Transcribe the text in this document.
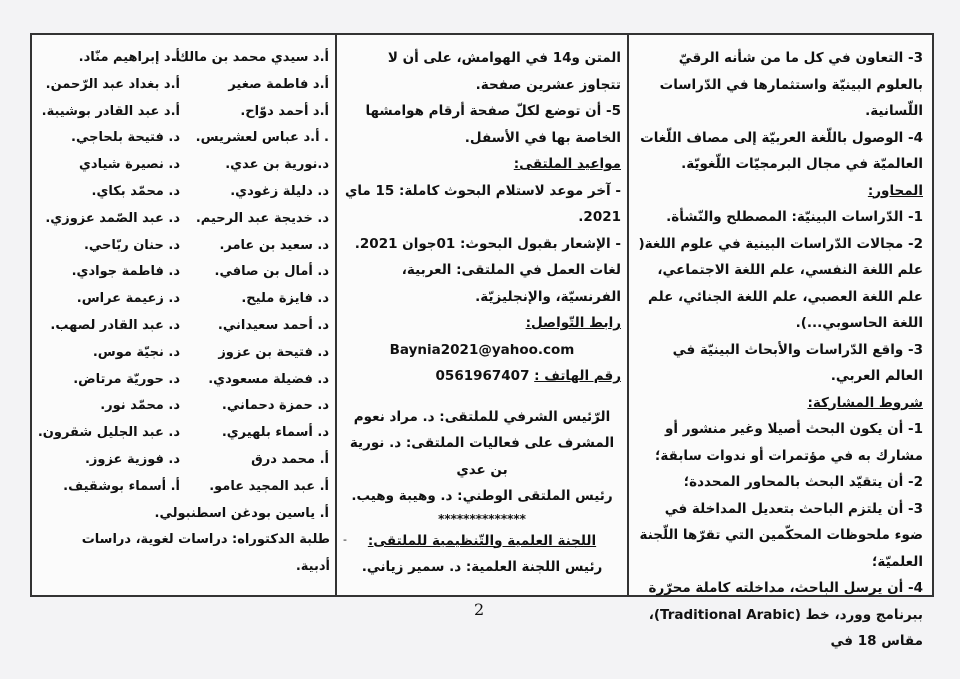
3- التعاون في كل ما من شأنه الرقيّ بالعلوم البينيّة واستثمارها في الدّراسات اللّسانية.

4- الوصول باللّغة العربيّة إلى مصاف اللّغات العالميّة في مجال البرمجيّات اللّغويّة.

المحاور:

1- الدّراسات البينيّة: المصطلح والنّشأة.

2- مجالات الدّراسات البينية في علوم اللغة( علم اللغة النفسي، علم اللغة الاجتماعي، علم اللغة العصبي، علم اللغة الجنائي، علم اللغة الحاسوبي...).

3- واقع الدّراسات والأبحاث البينيّة في العالم العربي.

شروط المشاركة:

1- أن يكون البحث أصيلا وغير منشور أو مشارك به في مؤتمرات أو ندوات سابقة؛

2- أن يتقيّد البحث بالمحاور المحددة؛

3- أن يلتزم الباحث بتعديل المداخلة في ضوء ملحوظات المحكّمين التي تقرّها اللّجنة العلميّة؛

4- أن يرسل الباحث، مداخلته كاملة محرّرة ببرنامج وورد، خط (Traditional Arabic)، مقاس 18 في

المتن و14 في الهوامش، على أن لا تتجاوز عشرين صفحة.

5- أن توضع لكلّ صفحة أرقام هوامشها الخاصة بها في الأسفل.

مواعيد الملتقى:

- آخر موعد لاستلام البحوث كاملة: 15 ماي 2021.

- الإشعار بقبول البحوث: 01جوان 2021.

لغات العمل في الملتقى: العربية، الفرنسيّة، والإنجليزيّة.

رابط التّواصل:

Baynia2021@yahoo.com

رقم الهاتف : 0561967407

الرّئيس الشرفي للملتقى: د. مراد نعوم

المشرف على فعاليات الملتقى: د. نورية بن عدي

رئيس الملتقى الوطني: د. وهيبة وهيب.

**************

اللجنة العلمية والتّنظيمية للملتقى:

رئيس اللجنة العلمية: د. سمير زياني.

-
أ.د سيدي محمد بن مالك.
أ.د فاطمة صغير
أ.د أحمد دوّاح.
. أ.د عباس لعشريس.
د.نورية بن عدي.
د. دليلة زغودي.
د. خديجة عبد الرحيم.
د. سعيد بن عامر.
د. أمال بن صافي.
د. فايزة مليح.
د. أحمد سعيداني.
د. فتيحة بن عزوز
د. فضيلة مسعودي.
د. حمزة دحماني.
د. أسماء بلهيري.
أ. محمد درق
أ. عبد المجيد عامو.
أ. ياسين بودغن اسطنبولي.
أ.د إبراهيم منّاد.
أ.د بغداد عبد الرّحمن.
أ.د عبد القادر بوشيبة.
د. فتيحة بلحاجي.
د. نصيرة شيادي
د. محمّد بكاي.
د. عبد الصّمد عزوزي.
د. حنان ربّاحي.
د. فاطمة جوادي.
د. زعيمة عراس.
د. عبد القادر لصهب.
د. نجيّة موس.
د. حوريّة مرتاض.
د. محمّد نور.
د. عبد الجليل شقرون.
د. فوزية عزوز.
أ. أسماء بوشقيف.
طلبة الدكتوراه: دراسات لغوية، دراسات أدبية.
2
